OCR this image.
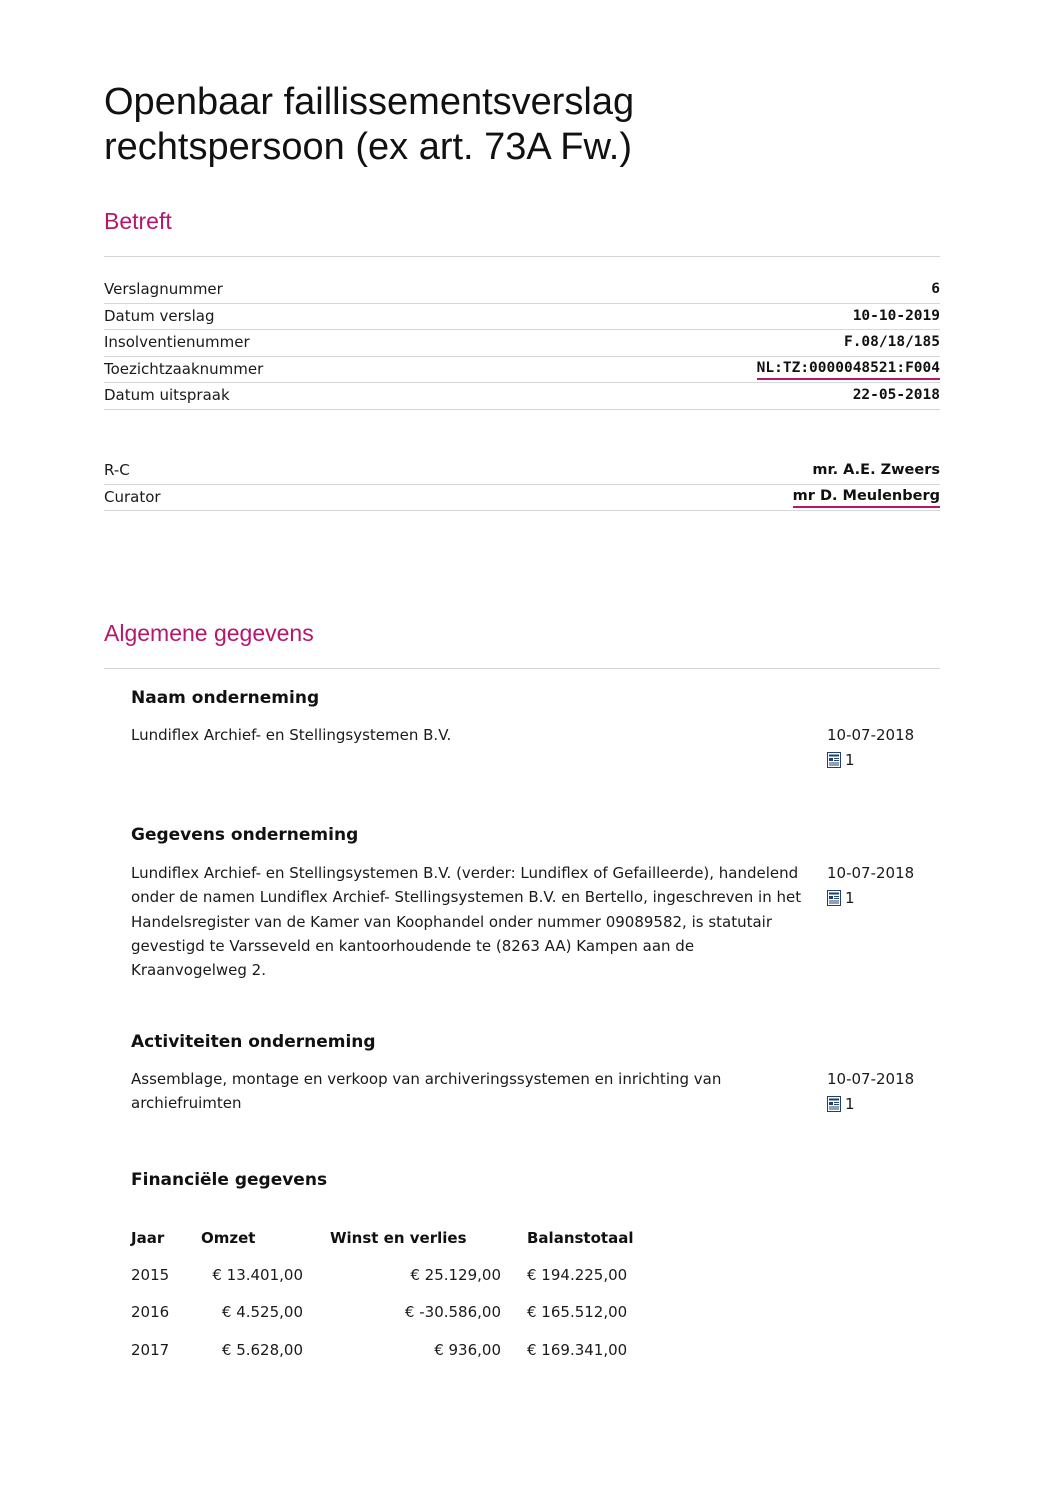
Openbaar faillissementsverslag rechtspersoon (ex art. 73A Fw.)
Betreft
Verslagnummer	6
Datum verslag	10-10-2019
Insolventienummer	F.08/18/185
Toezichtzaaknummer	NL:TZ:0000048521:F004
Datum uitspraak	22-05-2018
R-C	mr. A.E. Zweers
Curator	mr D. Meulenberg
Algemene gegevens
Naam onderneming
Lundiflex Archief- en Stellingsystemen B.V.	10-07-2018
1
Gegevens onderneming
Lundiflex Archief- en Stellingsystemen B.V. (verder: Lundiflex of Gefailleerde), handelend onder de namen Lundiflex Archief- Stellingsystemen B.V. en Bertello, ingeschreven in het Handelsregister van de Kamer van Koophandel onder nummer 09089582, is statutair gevestigd te Varsseveld en kantoorhoudende te (8263 AA) Kampen aan de Kraanvogelweg 2.
10-07-2018
1
Activiteiten onderneming
Assemblage, montage en verkoop van archiveringssystemen en inrichting van archiefruimten
10-07-2018
1
Financiële gegevens
Jaar	Omzet	Winst en verlies	Balanstotaal
2015	€ 13.401,00	€ 25.129,00	€ 194.225,00
2016	€ 4.525,00	€ -30.586,00	€ 165.512,00
2017	€ 5.628,00	€ 936,00	€ 169.341,00
